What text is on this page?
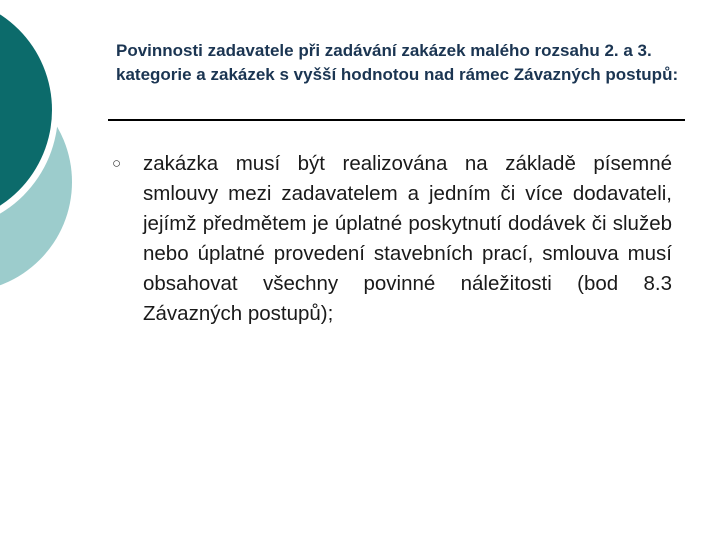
Povinnosti zadavatele při zadávání zakázek malého rozsahu 2. a 3. kategorie a zakázek s vyšší hodnotou nad rámec Závazných postupů:
○ zakázka musí být realizována na základě písemné smlouvy mezi zadavatelem a jedním či více dodavateli, jejímž předmětem je úplatné poskytnutí dodávek či služeb nebo úplatné provedení stavebních prací, smlouva musí obsahovat všechny povinné náležitosti (bod 8.3 Závazných postupů);
